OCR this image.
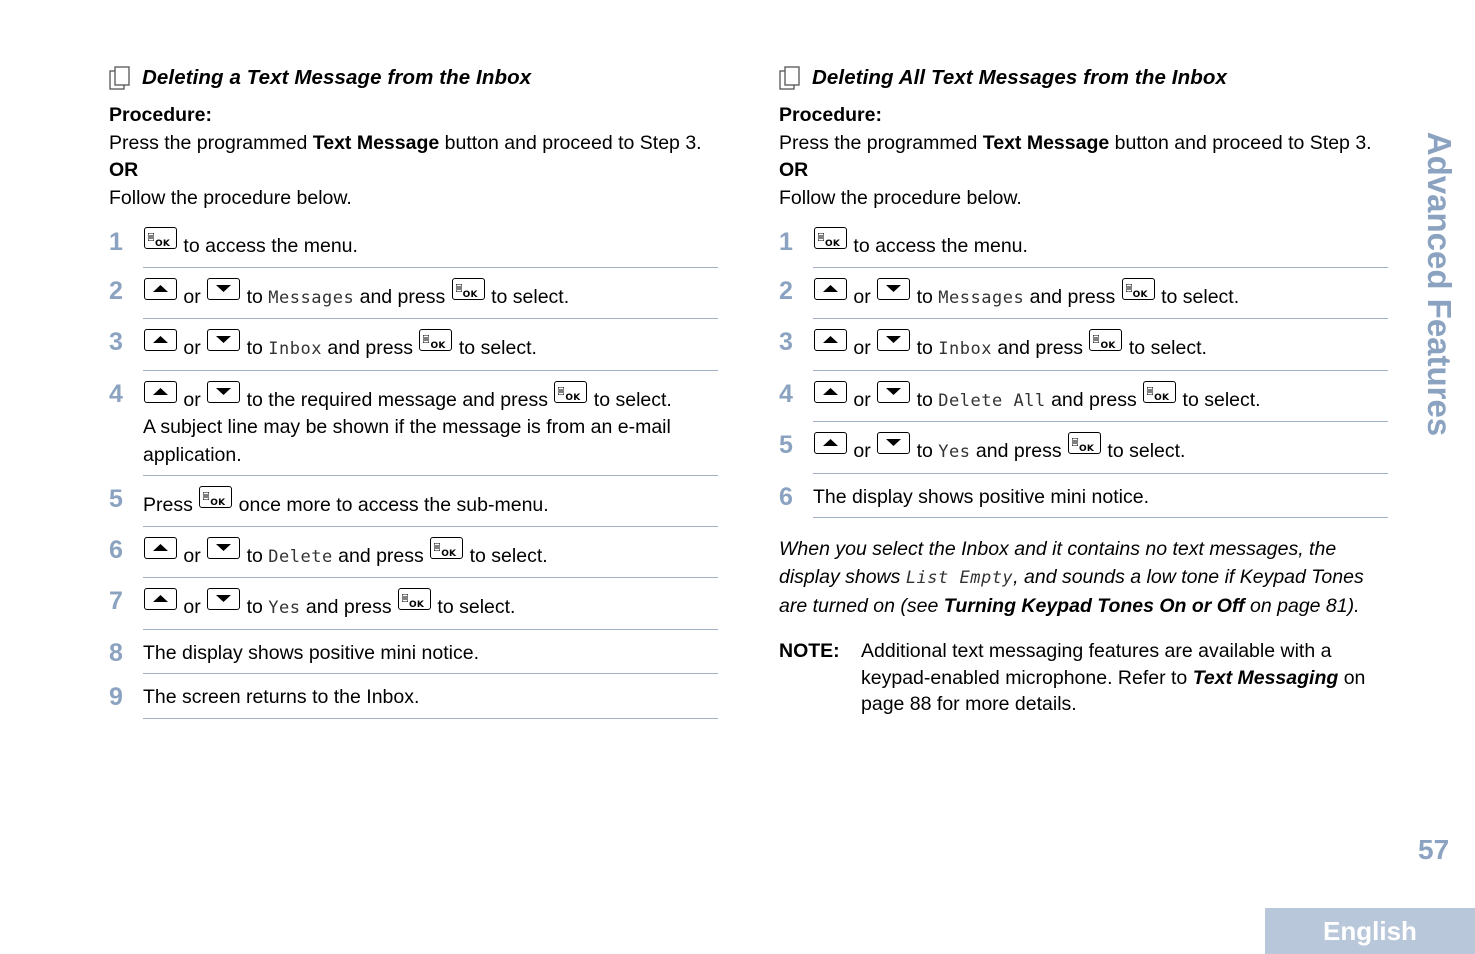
Deleting a Text Message from the Inbox
Procedure:
Press the programmed Text Message button and proceed to Step 3.
OR
Follow the procedure below.
1	OK to access the menu.
2	or
to Messages and press OK to select.
3	or
to Inbox and press OK to select.
4	or
to the required message and press OK to select.
A subject line may be shown if the message is from an e-mail application.
5	Press OK once more to access the sub-menu.
6	or
to Delete and press OK to select.
7	or
to Yes and press OK to select.
8	The display shows positive mini notice.
9	The screen returns to the Inbox.
Deleting All Text Messages from the Inbox
Procedure:
Press the programmed Text Message button and proceed to Step 3.
OR
Follow the procedure below.
1	OK to access the menu.
2	or
to Messages and press OK to select.
3	or
to Inbox and press OK to select.
4	or
to Delete All and press OK to select.
5	or
to Yes and press OK to select.
6	The display shows positive mini notice.
When you select the Inbox and it contains no text messages, the display shows List Empty, and sounds a low tone if Keypad Tones are turned on (see Turning Keypad Tones On or Off on page 81).
NOTE:	Additional text messaging features are available with a keypad-enabled microphone. Refer to Text Messaging on page 88 for more details.
Advanced Features
57
English
